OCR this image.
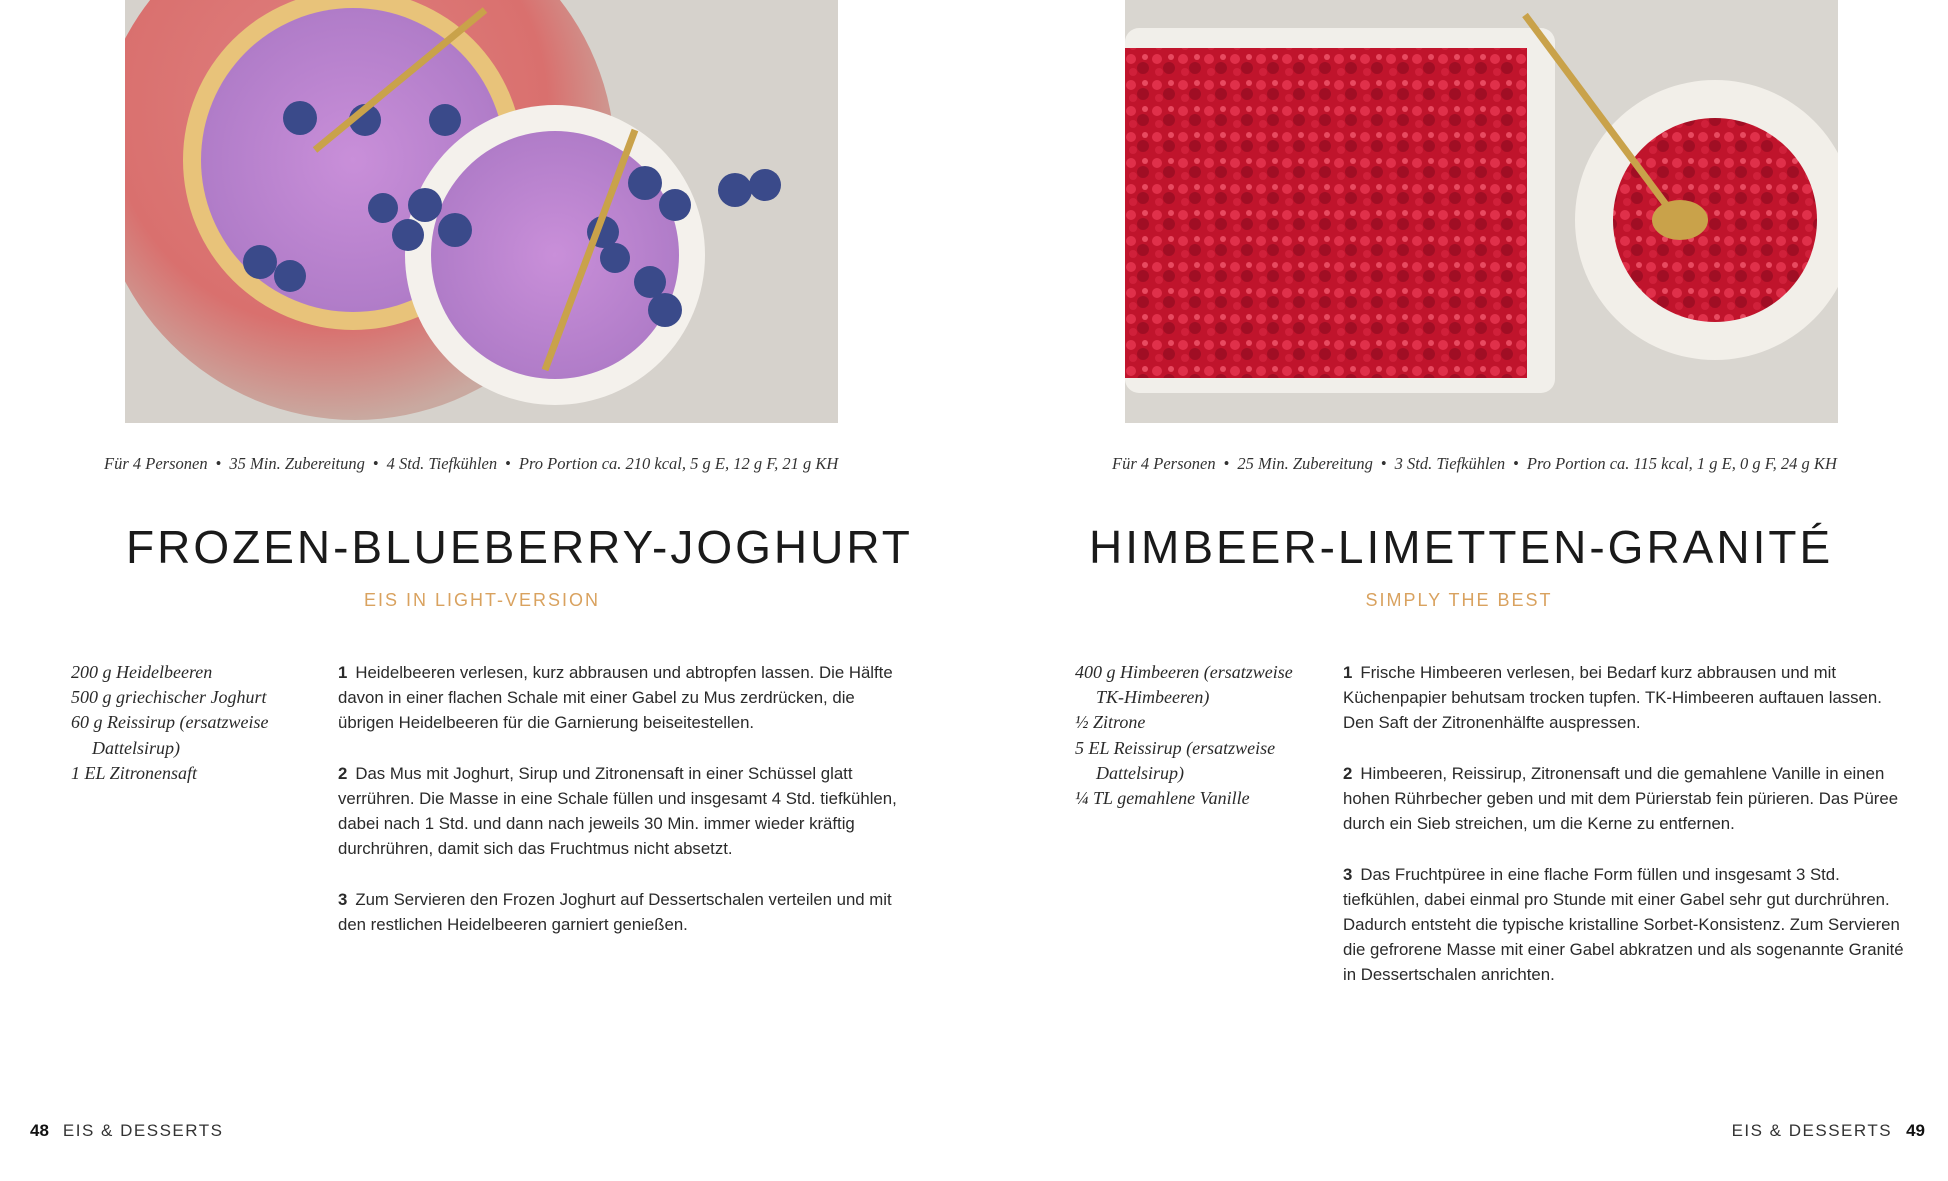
Für 4 Personen • 35 Min. Zubereitung • 4 Std. Tiefkühlen • Pro Portion ca. 210 kcal, 5 g E, 12 g F, 21 g KH
FROZEN-BLUEBERRY-JOGHURT
EIS IN LIGHT-VERSION
200 g Heidelbeeren
500 g griechischer Joghurt
60 g Reissirup (ersatzweise Dattelsirup)
1 EL Zitronensaft

1 Heidelbeeren verlesen, kurz abbrausen und abtropfen lassen. Die Hälfte davon in einer flachen Schale mit einer Gabel zu Mus zerdrücken, die übrigen Heidelbeeren für die Garnierung beiseitestellen.

2 Das Mus mit Joghurt, Sirup und Zitronensaft in einer Schüssel glatt verrühren. Die Masse in eine Schale füllen und insgesamt 4 Std. tiefkühlen, dabei nach 1 Std. und dann nach jeweils 30 Min. immer wieder kräftig durchrühren, damit sich das Fruchtmus nicht absetzt.

3 Zum Servieren den Frozen Joghurt auf Dessertschalen verteilen und mit den restlichen Heidelbeeren garniert genießen.

48 EIS & DESSERTS
Für 4 Personen • 25 Min. Zubereitung • 3 Std. Tiefkühlen • Pro Portion ca. 115 kcal, 1 g E, 0 g F, 24 g KH
HIMBEER-LIMETTEN-GRANITÉ
SIMPLY THE BEST
400 g Himbeeren (ersatzweise TK-Himbeeren)
½ Zitrone
5 EL Reissirup (ersatzweise Dattelsirup)
¼ TL gemahlene Vanille

1 Frische Himbeeren verlesen, bei Bedarf kurz abbrausen und mit Küchenpapier behutsam trocken tupfen. TK-Himbeeren auftauen lassen. Den Saft der Zitronenhälfte auspressen.

2 Himbeeren, Reissirup, Zitronensaft und die gemahlene Vanille in einen hohen Rührbecher geben und mit dem Pürierstab fein pürieren. Das Püree durch ein Sieb streichen, um die Kerne zu entfernen.

3 Das Fruchtpüree in eine flache Form füllen und insgesamt 3 Std. tiefkühlen, dabei einmal pro Stunde mit einer Gabel sehr gut durchrühren. Dadurch entsteht die typische kristalline Sorbet-Konsistenz. Zum Servieren die gefrorene Masse mit einer Gabel abkratzen und als sogenannte Granité in Dessertschalen anrichten.

EIS & DESSERTS 49
